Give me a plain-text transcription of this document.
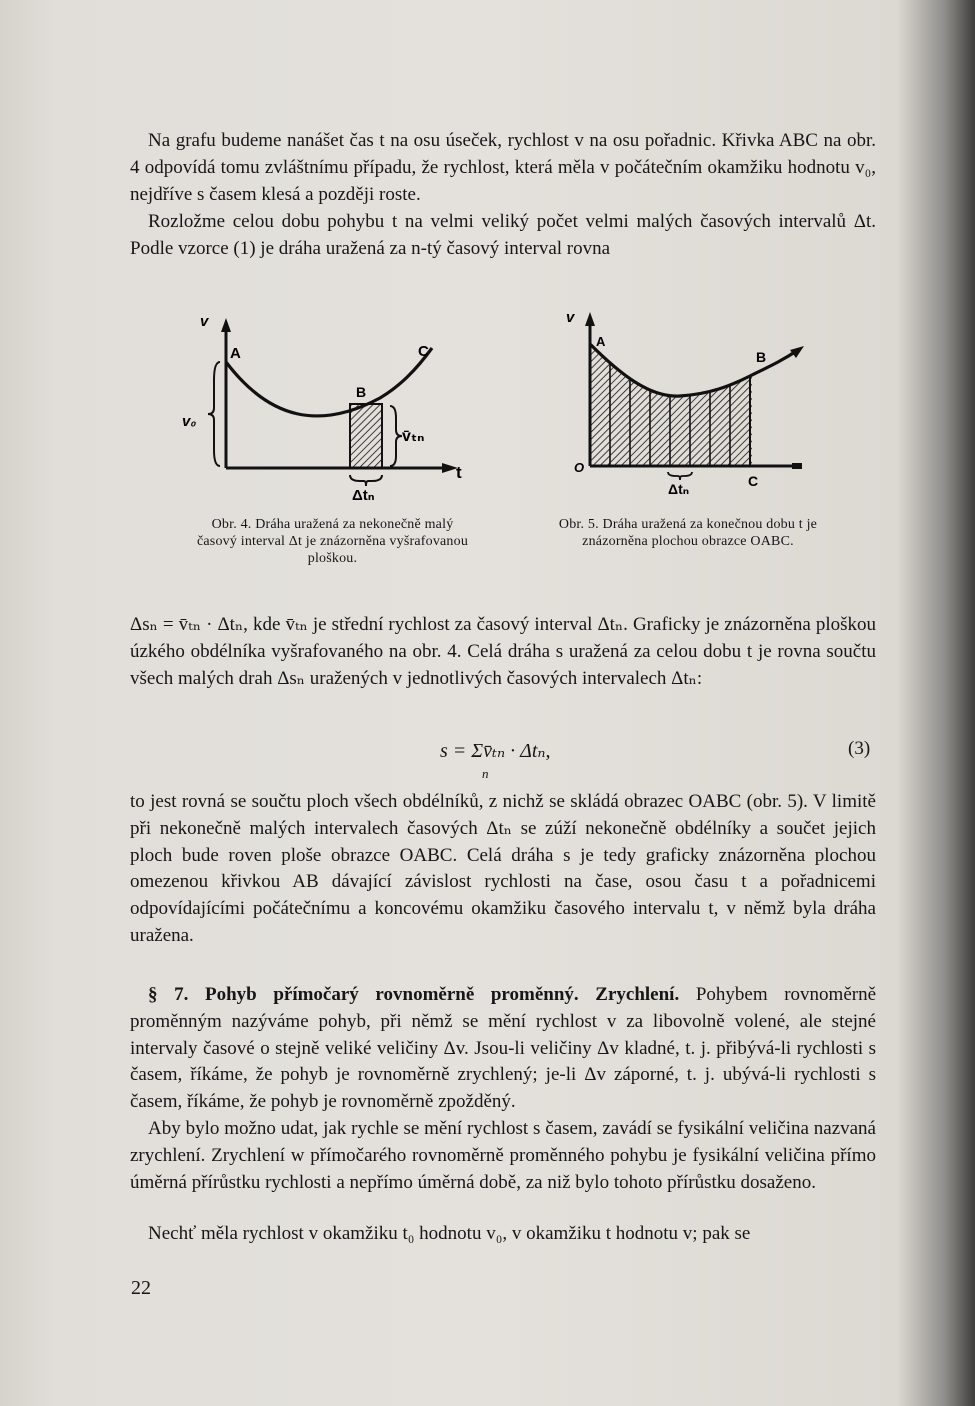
Na grafu budeme nanášet čas t na osu úseček, rychlost v na osu pořadnic. Křivka ABC na obr. 4 odpovídá tomu zvláštnímu případu, že rychlost, která měla v počátečním okamžiku hodnotu v₀, nejdříve s časem klesá a později roste.

Rozložme celou dobu pohybu t na velmi veliký počet velmi malých časových intervalů Δt. Podle vzorce (1) je dráha uražená za n-tý časový interval rovna

v
A	C
B
v₀
v̄ₜₙ
Δtₙ
t
Obr. 4. Dráha uražená za nekonečně malý časový interval Δt je znázorněna vyšrafovanou ploškou.
v
A
B
O
C
Δtₙ
Obr. 5. Dráha uražená za konečnou dobu t je znázorněna plochou obrazce OABC.

Δsₙ = v̄ₜₙ · Δtₙ, kde v̄ₜₙ je střední rychlost za časový interval Δtₙ. Graficky je znázorněna ploškou úzkého obdélníka vyšrafovaného na obr. 4. Celá dráha s uražená za celou dobu t je rovna součtu všech malých drah Δsₙ uražených v jednotlivých časových intervalech Δtₙ:

s = Σv̄ₜₙ · Δtₙ,
n
(3)

to jest rovná se součtu ploch všech obdélníků, z nichž se skládá obrazec OABC (obr. 5). V limitě při nekonečně malých intervalech časových Δtₙ se zúží nekonečně obdélníky a součet jejich ploch bude roven ploše obrazce OABC. Celá dráha s je tedy graficky znázorněna plochou omezenou křivkou AB dávající závislost rychlosti na čase, osou času t a pořadnicemi odpovídajícími počátečnímu a koncovému okamžiku časového intervalu t, v němž byla dráha uražena.

§ 7. Pohyb přímočarý rovnoměrně proměnný. Zrychlení. Pohybem rovnoměrně proměnným nazýváme pohyb, při němž se mění rychlost v za libovolně volené, ale stejné intervaly časové o stejně veliké veličiny Δv. Jsou-li veličiny Δv kladné, t. j. přibývá-li rychlosti s časem, říkáme, že pohyb je rovnoměrně zrychlený; je-li Δv záporné, t. j. ubývá-li rychlosti s časem, říkáme, že pohyb je rovnoměrně zpožděný.

Aby bylo možno udat, jak rychle se mění rychlost s časem, zavádí se fysikální veličina nazvaná zrychlení. Zrychlení w přímočarého rovnoměrně proměnného pohybu je fysikální veličina přímo úměrná přírůstku rychlosti a nepřímo úměrná době, za niž bylo tohoto přírůstku dosaženo.

Nechť měla rychlost v okamžiku t₀ hodnotu v₀, v okamžiku t hodnotu v; pak se

22
